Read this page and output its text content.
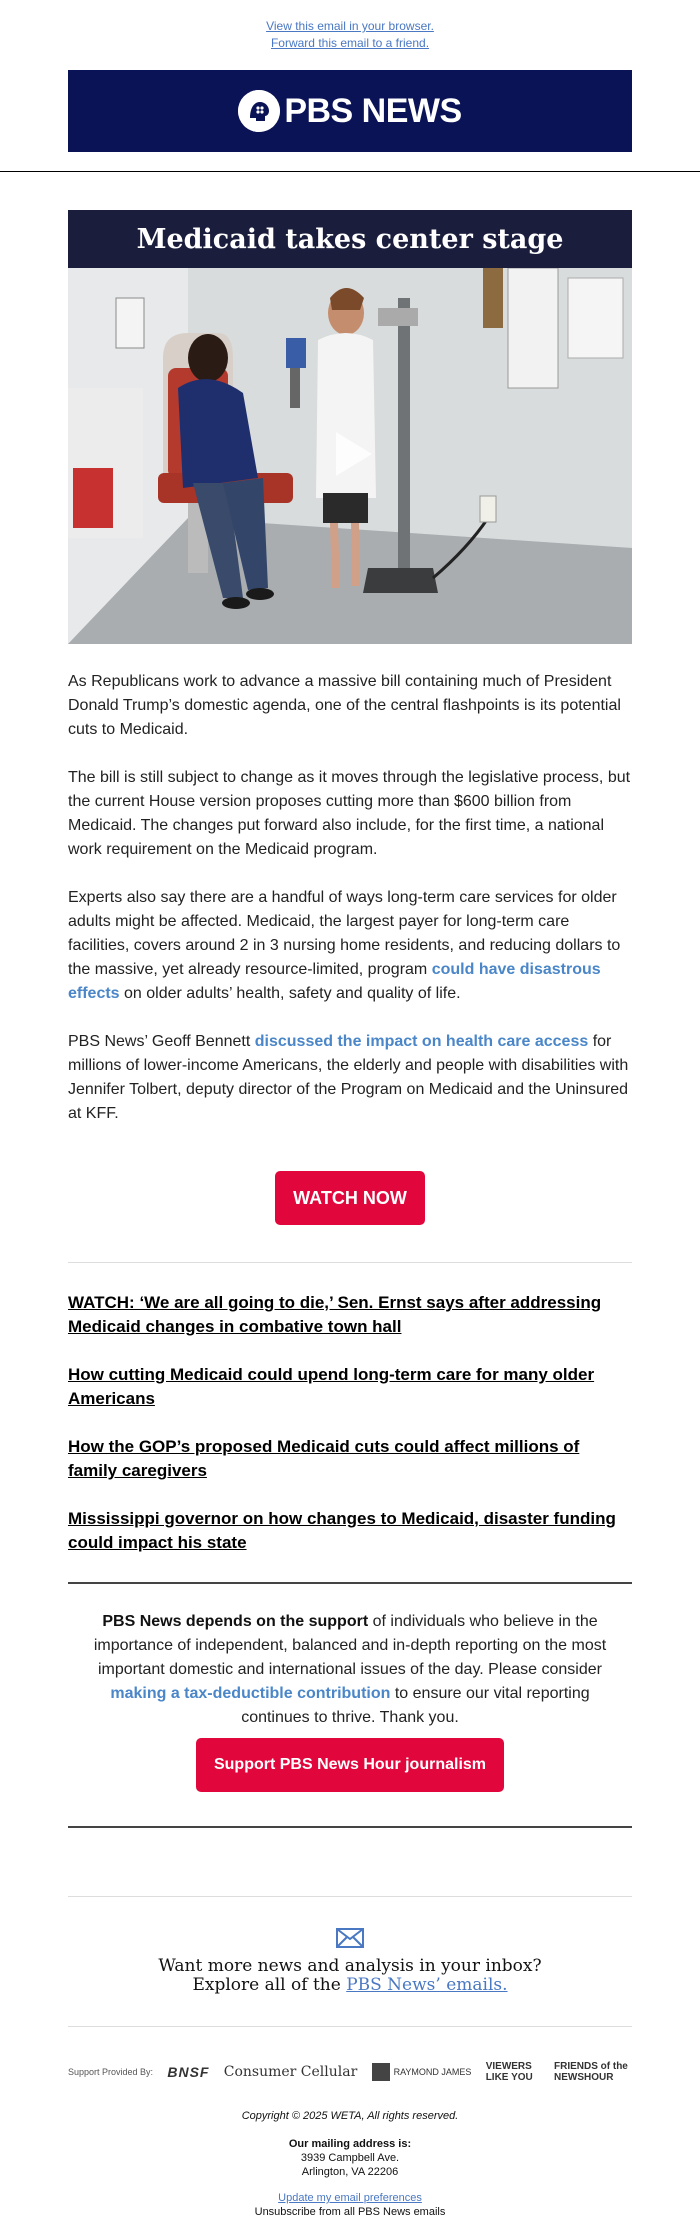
View this email in your browser.
Forward this email to a friend.
PBS NEWS
Medicaid takes center stage
As Republicans work to advance a massive bill containing much of President Donald Trump’s domestic agenda, one of the central flashpoints is its potential cuts to Medicaid.
The bill is still subject to change as it moves through the legislative process, but the current House version proposes cutting more than $600 billion from Medicaid. The changes put forward also include, for the first time, a national work requirement on the Medicaid program.
Experts also say there are a handful of ways long-term care services for older adults might be affected. Medicaid, the largest payer for long-term care facilities, covers around 2 in 3 nursing home residents, and reducing dollars to the massive, yet already resource-limited, program could have disastrous effects on older adults’ health, safety and quality of life.
PBS News’ Geoff Bennett discussed the impact on health care access for millions of lower-income Americans, the elderly and people with disabilities with Jennifer Tolbert, deputy director of the Program on Medicaid and the Uninsured at KFF.
WATCH NOW
WATCH: ‘We are all going to die,’ Sen. Ernst says after addressing Medicaid changes in combative town hall
How cutting Medicaid could upend long-term care for many older Americans
How the GOP’s proposed Medicaid cuts could affect millions of family caregivers
Mississippi governor on how changes to Medicaid, disaster funding could impact his state
PBS News depends on the support of individuals who believe in the importance of independent, balanced and in-depth reporting on the most important domestic and international issues of the day. Please consider making a tax-deductible contribution to ensure our vital reporting continues to thrive. Thank you.
Support PBS News Hour journalism
Want more news and analysis in your inbox?
Explore all of the PBS News’ emails.
Support Provided By: BNSF Consumer Cellular	RAYMOND JAMES VIEWERS LIKE YOU
FRIENDS of the NEWSHOUR
Copyright © 2025 WETA, All rights reserved.
Our mailing address is:
3939 Campbell Ave.
Arlington, VA 22206
Update my email preferences
Unsubscribe from all PBS News emails
